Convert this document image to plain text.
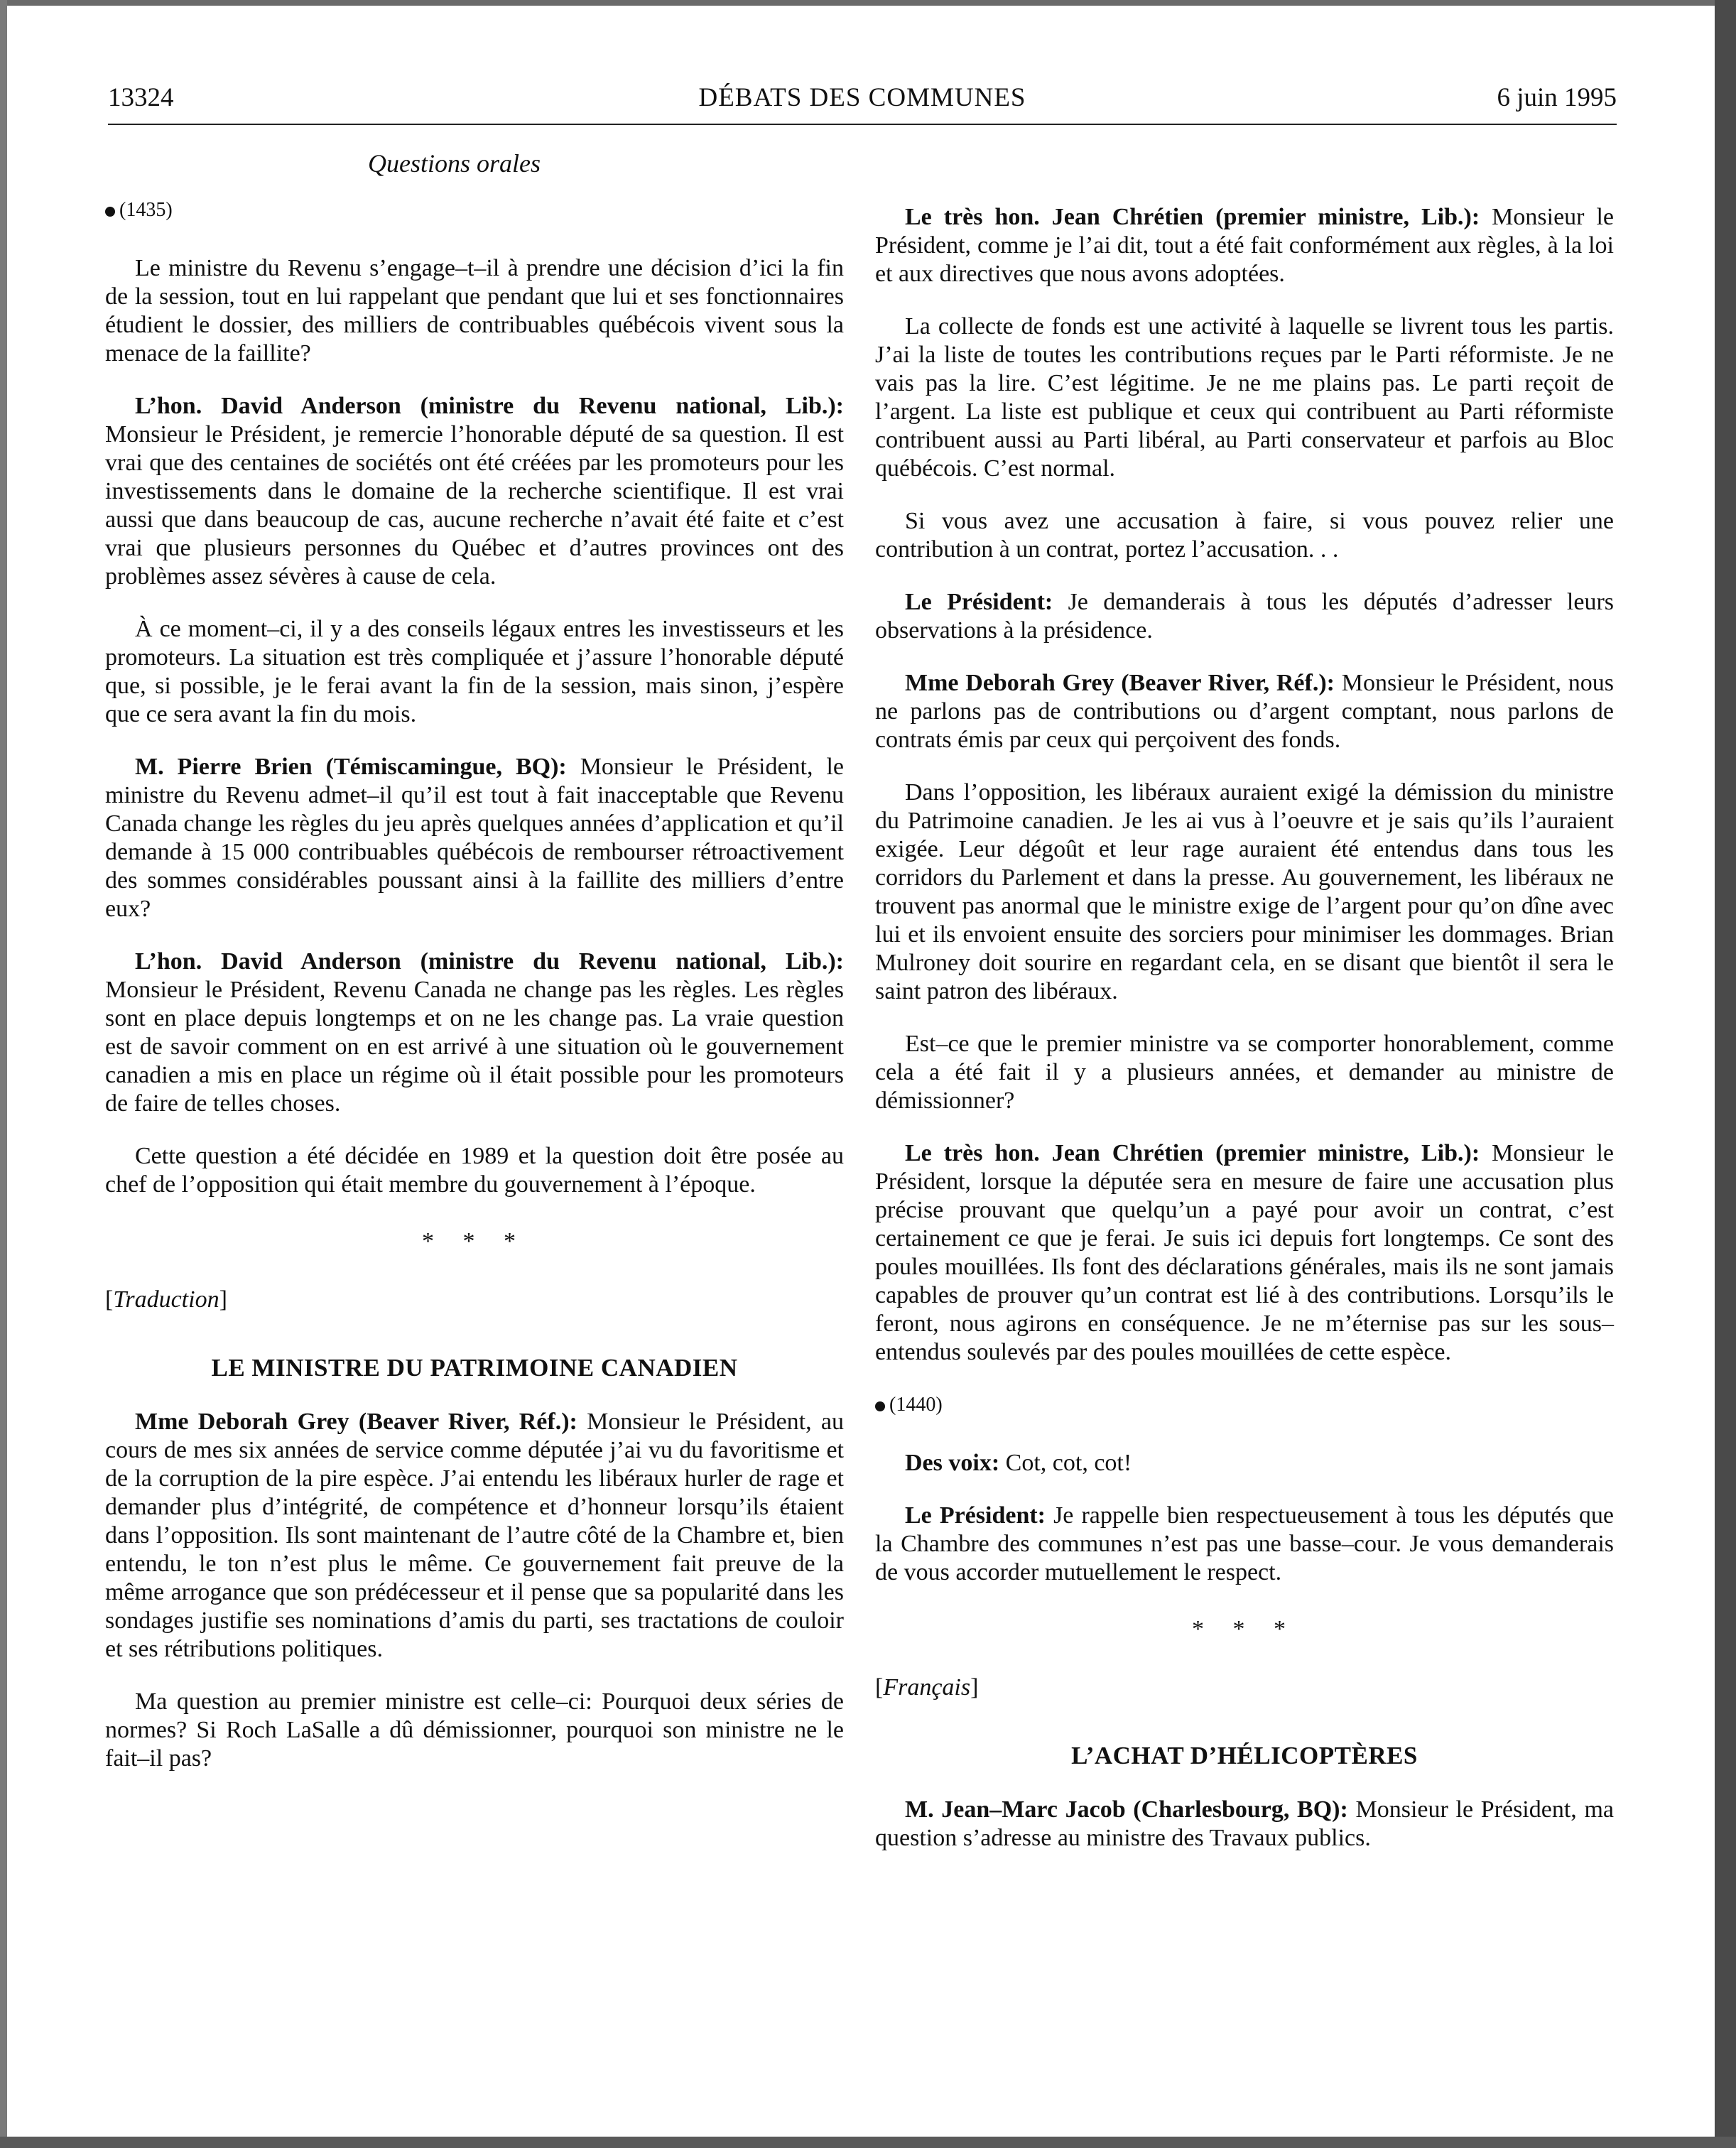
13324	DÉBATS DES COMMUNES	6 juin 1995

Questions orales

(1435)

Le ministre du Revenu s’engage–t–il à prendre une décision d’ici la fin de la session, tout en lui rappelant que pendant que lui et ses fonctionnaires étudient le dossier, des milliers de contribuables québécois vivent sous la menace de la faillite?

L’hon. David Anderson (ministre du Revenu national, Lib.): Monsieur le Président, je remercie l’honorable député de sa question. Il est vrai que des centaines de sociétés ont été créées par les promoteurs pour les investissements dans le domaine de la recherche scientifique. Il est vrai aussi que dans beaucoup de cas, aucune recherche n’avait été faite et c’est vrai que plusieurs personnes du Québec et d’autres provinces ont des problèmes assez sévères à cause de cela.

À ce moment–ci, il y a des conseils légaux entres les investisseurs et les promoteurs. La situation est très compliquée et j’assure l’honorable député que, si possible, je le ferai avant la fin de la session, mais sinon, j’espère que ce sera avant la fin du mois.

M. Pierre Brien (Témiscamingue, BQ): Monsieur le Président, le ministre du Revenu admet–il qu’il est tout à fait inacceptable que Revenu Canada change les règles du jeu après quelques années d’application et qu’il demande à 15 000 contribuables québécois de rembourser rétroactivement des sommes considérables poussant ainsi à la faillite des milliers d’entre eux?

L’hon. David Anderson (ministre du Revenu national, Lib.): Monsieur le Président, Revenu Canada ne change pas les règles. Les règles sont en place depuis longtemps et on ne les change pas. La vraie question est de savoir comment on en est arrivé à une situation où le gouvernement canadien a mis en place un régime où il était possible pour les promoteurs de faire de telles choses.

Cette question a été décidée en 1989 et la question doit être posée au chef de l’opposition qui était membre du gouvernement à l’époque.

* * *

[Traduction]

LE MINISTRE DU PATRIMOINE CANADIEN

Mme Deborah Grey (Beaver River, Réf.): Monsieur le Président, au cours de mes six années de service comme députée j’ai vu du favoritisme et de la corruption de la pire espèce. J’ai entendu les libéraux hurler de rage et demander plus d’intégrité, de compétence et d’honneur lorsqu’ils étaient dans l’opposition. Ils sont maintenant de l’autre côté de la Chambre et, bien entendu, le ton n’est plus le même. Ce gouvernement fait preuve de la même arrogance que son prédécesseur et il pense que sa popularité dans les sondages justifie ses nominations d’amis du parti, ses tractations de couloir et ses rétributions politiques.

Ma question au premier ministre est celle–ci: Pourquoi deux séries de normes? Si Roch LaSalle a dû démissionner, pourquoi son ministre ne le fait–il pas?

Le très hon. Jean Chrétien (premier ministre, Lib.): Monsieur le Président, comme je l’ai dit, tout a été fait conformément aux règles, à la loi et aux directives que nous avons adoptées.

La collecte de fonds est une activité à laquelle se livrent tous les partis. J’ai la liste de toutes les contributions reçues par le Parti réformiste. Je ne vais pas la lire. C’est légitime. Je ne me plains pas. Le parti reçoit de l’argent. La liste est publique et ceux qui contribuent au Parti réformiste contribuent aussi au Parti libéral, au Parti conservateur et parfois au Bloc québécois. C’est normal.

Si vous avez une accusation à faire, si vous pouvez relier une contribution à un contrat, portez l’accusation. . .

Le Président: Je demanderais à tous les députés d’adresser leurs observations à la présidence.

Mme Deborah Grey (Beaver River, Réf.): Monsieur le Président, nous ne parlons pas de contributions ou d’argent comptant, nous parlons de contrats émis par ceux qui perçoivent des fonds.

Dans l’opposition, les libéraux auraient exigé la démission du ministre du Patrimoine canadien. Je les ai vus à l’oeuvre et je sais qu’ils l’auraient exigée. Leur dégoût et leur rage auraient été entendus dans tous les corridors du Parlement et dans la presse. Au gouvernement, les libéraux ne trouvent pas anormal que le ministre exige de l’argent pour qu’on dîne avec lui et ils envoient ensuite des sorciers pour minimiser les dommages. Brian Mulroney doit sourire en regardant cela, en se disant que bientôt il sera le saint patron des libéraux.

Est–ce que le premier ministre va se comporter honorablement, comme cela a été fait il y a plusieurs années, et demander au ministre de démissionner?

Le très hon. Jean Chrétien (premier ministre, Lib.): Monsieur le Président, lorsque la députée sera en mesure de faire une accusation plus précise prouvant que quelqu’un a payé pour avoir un contrat, c’est certainement ce que je ferai. Je suis ici depuis fort longtemps. Ce sont des poules mouillées. Ils font des déclarations générales, mais ils ne sont jamais capables de prouver qu’un contrat est lié à des contributions. Lorsqu’ils le feront, nous agirons en conséquence. Je ne m’éternise pas sur les sous–entendus soulevés par des poules mouillées de cette espèce.

(1440)

Des voix: Cot, cot, cot!

Le Président: Je rappelle bien respectueusement à tous les députés que la Chambre des communes n’est pas une basse–cour. Je vous demanderais de vous accorder mutuellement le respect.

* * *

[Français]

L’ACHAT D’HÉLICOPTÈRES

M. Jean–Marc Jacob (Charlesbourg, BQ): Monsieur le Président, ma question s’adresse au ministre des Travaux publics.
